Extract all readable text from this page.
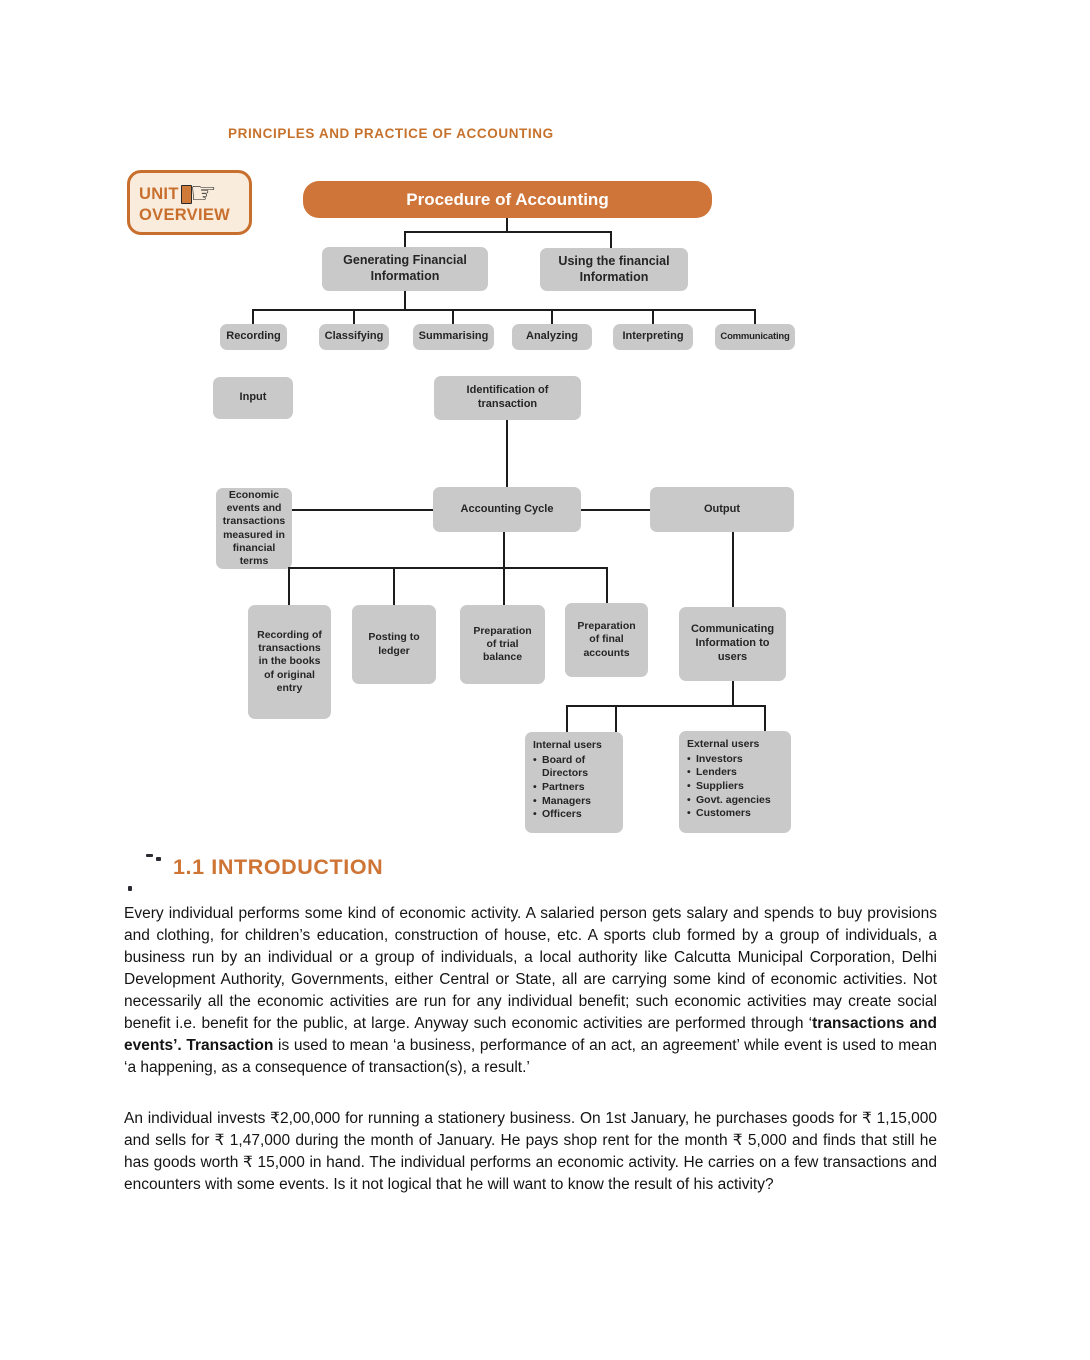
PRINCIPLES AND PRACTICE OF ACCOUNTING
UNIT ☞
OVERVIEW
Procedure of Accounting
Generating Financial Information
Using the financial Information
Recording	Classifying	Summarising	Analyzing	Interpreting	Communicating
Input
Identification of transaction
Economic events and transactions measured in financial terms
Accounting Cycle	Output
Recording of transactions in the books of original entry
Posting to ledger
Preparation of trial balance
Preparation of final accounts
Communicating Information to users
Internal users
• Board of Directors
• Partners
• Managers
• Officers
External users
• Investors
• Lenders
• Suppliers
• Govt. agencies
• Customers
1.1 INTRODUCTION

Every individual performs some kind of economic activity. A salaried person gets salary and spends to buy provisions and clothing, for children’s education, construction of house, etc. A sports club formed by a group of individuals, a business run by an individual or a group of individuals, a local authority like Calcutta Municipal Corporation, Delhi Development Authority, Governments, either Central or State, all are carrying some kind of economic activities. Not necessarily all the economic activities are run for any individual benefit; such economic activities may create social benefit i.e. benefit for the public, at large. Anyway such economic activities are performed through ‘transactions and events’. Transaction is used to mean ‘a business, performance of an act, an agreement’ while event is used to mean ‘a happening, as a consequence of transaction(s), a result.’

An individual invests ₹2,00,000 for running a stationery business. On 1st January, he purchases goods for ₹ 1,15,000 and sells for ₹ 1,47,000 during the month of January. He pays shop rent for the month ₹ 5,000 and finds that still he has goods worth ₹ 15,000 in hand. The individual performs an economic activity. He carries on a few transactions and encounters with some events. Is it not logical that he will want to know the result of his activity?
